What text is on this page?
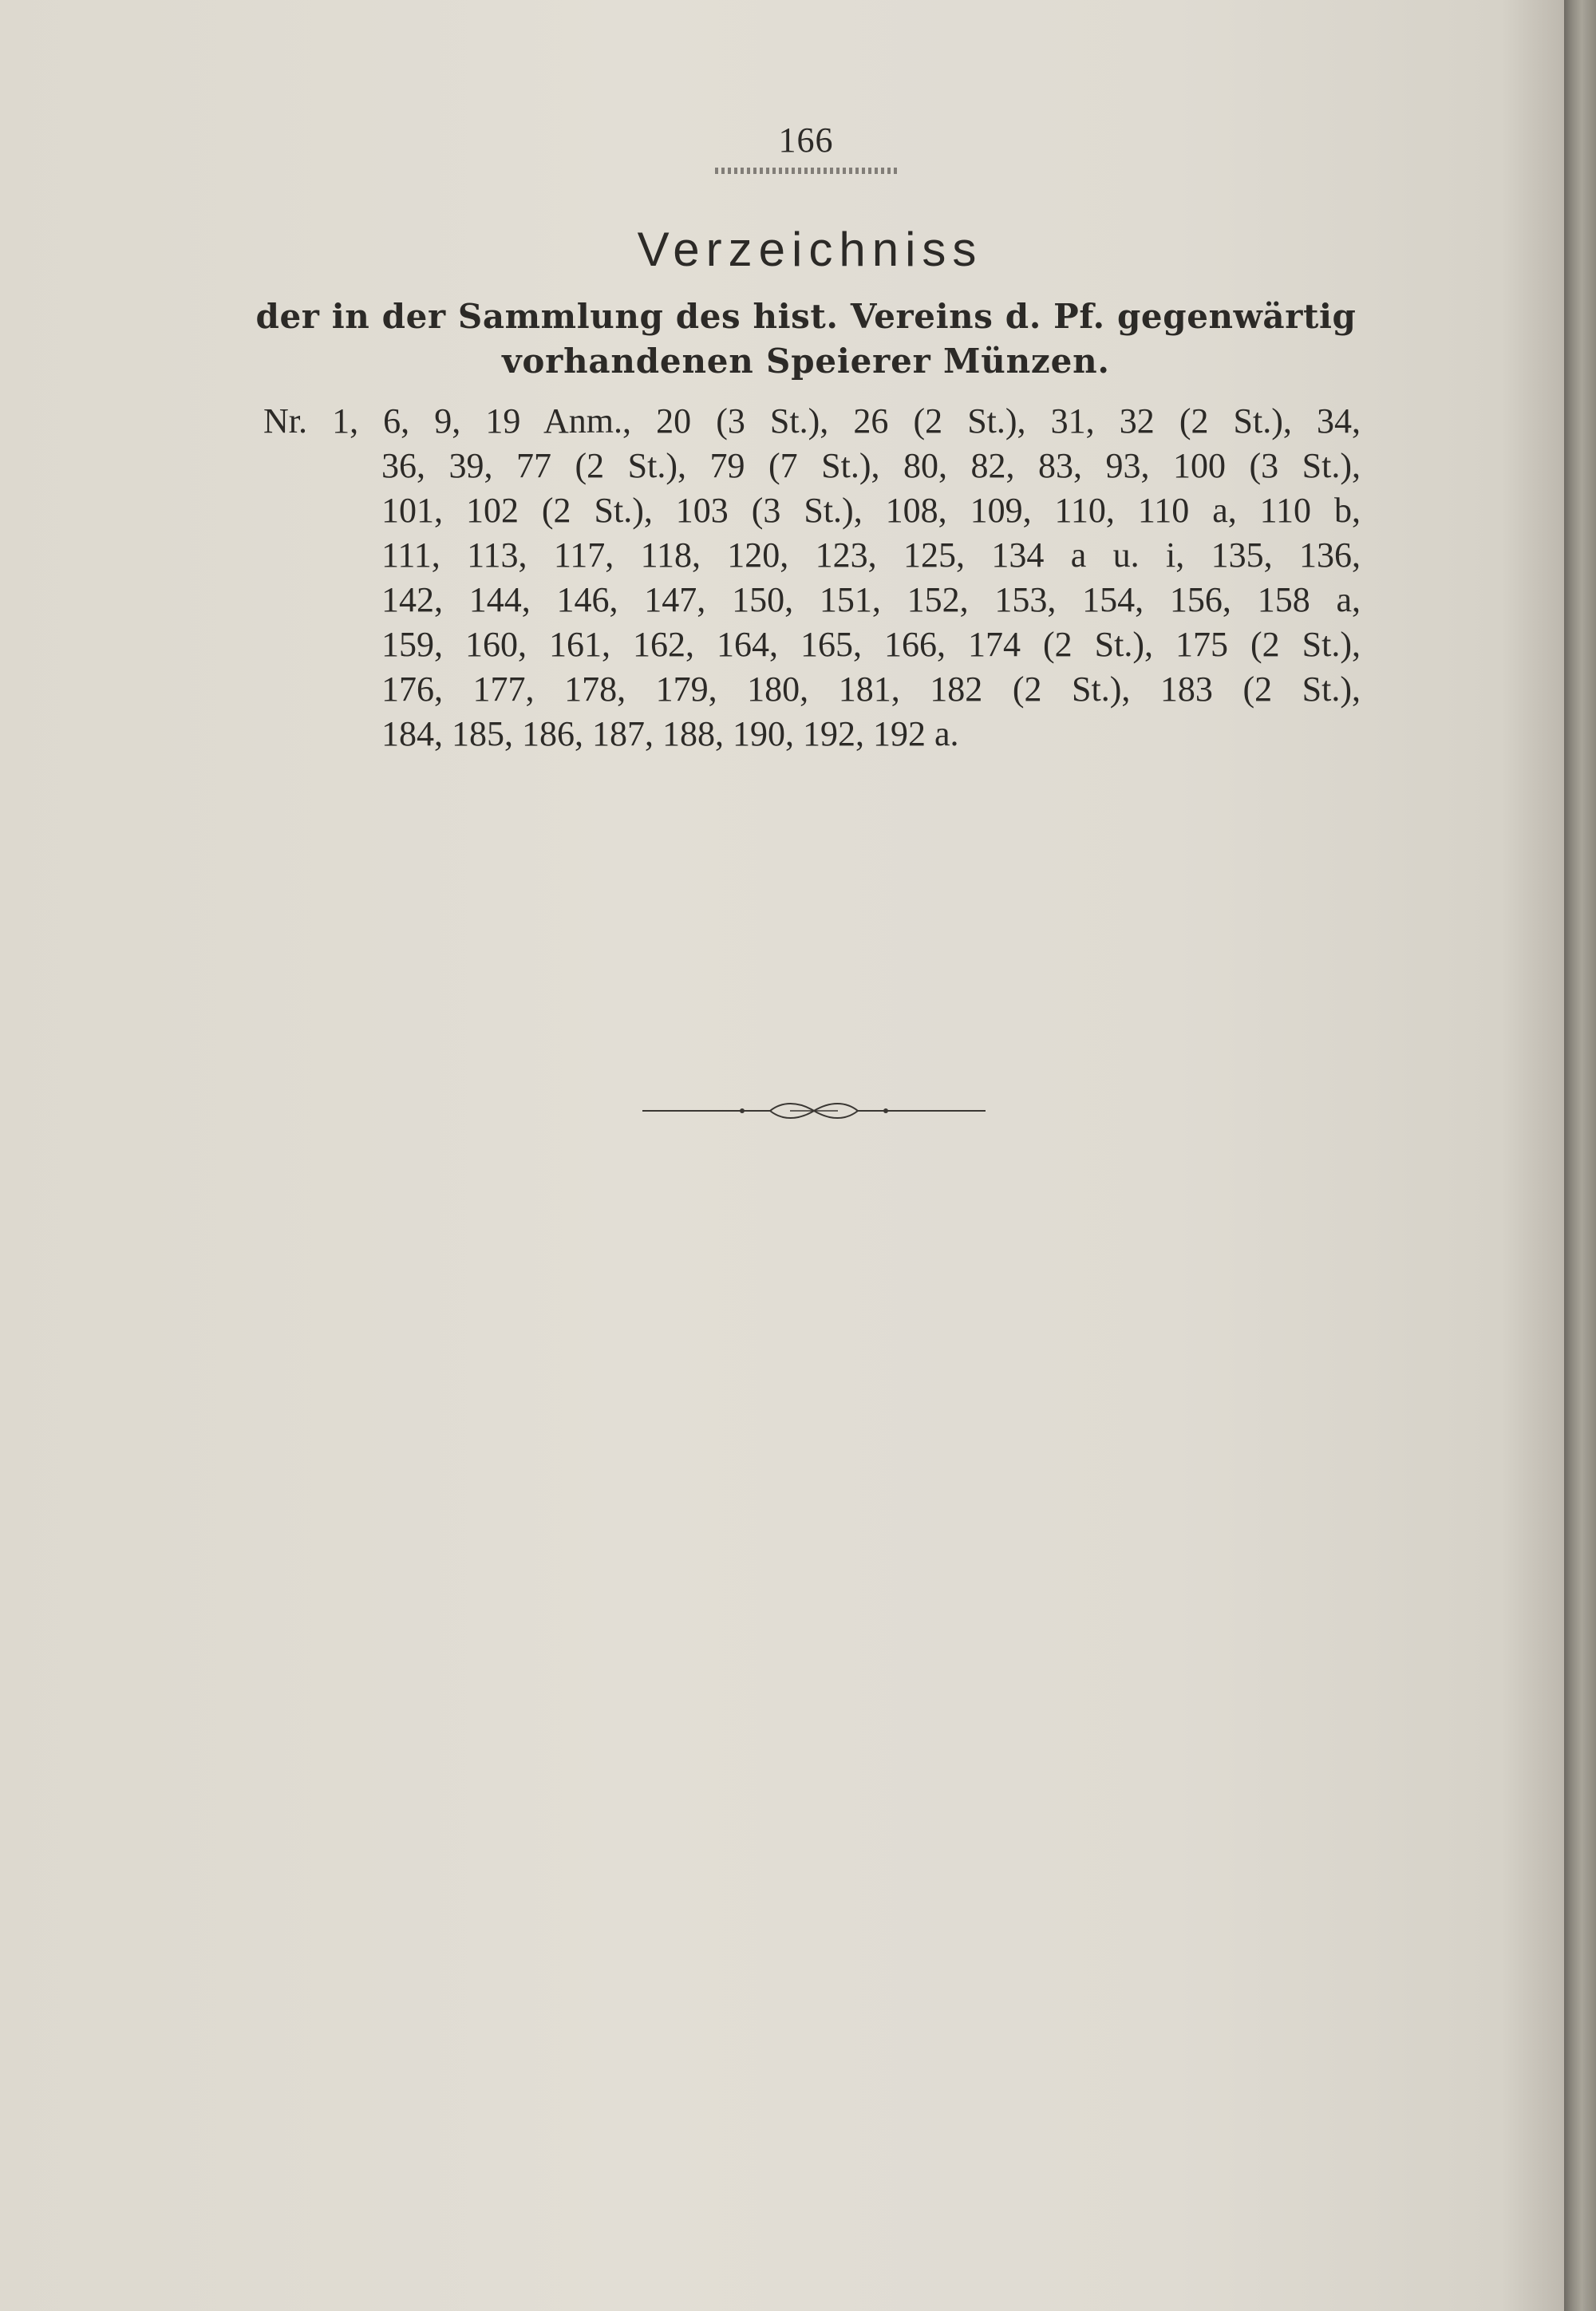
166
Verzeichniss
der in der Sammlung des hist. Vereins d. Pf. gegenwärtig
vorhandenen Speierer Münzen.
Nr. 1, 6, 9, 19 Anm., 20 (3 St.), 26 (2 St.), 31, 32 (2 St.), 34,
36, 39, 77 (2 St.), 79 (7 St.), 80, 82, 83, 93, 100 (3 St.),
101, 102 (2 St.), 103 (3 St.), 108, 109, 110, 110 a, 110 b,
111, 113, 117, 118, 120, 123, 125, 134 a u. i, 135, 136,
142, 144, 146, 147, 150, 151, 152, 153, 154, 156, 158 a,
159, 160, 161, 162, 164, 165, 166, 174 (2 St.), 175 (2 St.),
176, 177, 178, 179, 180, 181, 182 (2 St.), 183 (2 St.),
184, 185, 186, 187, 188, 190, 192, 192 a.
